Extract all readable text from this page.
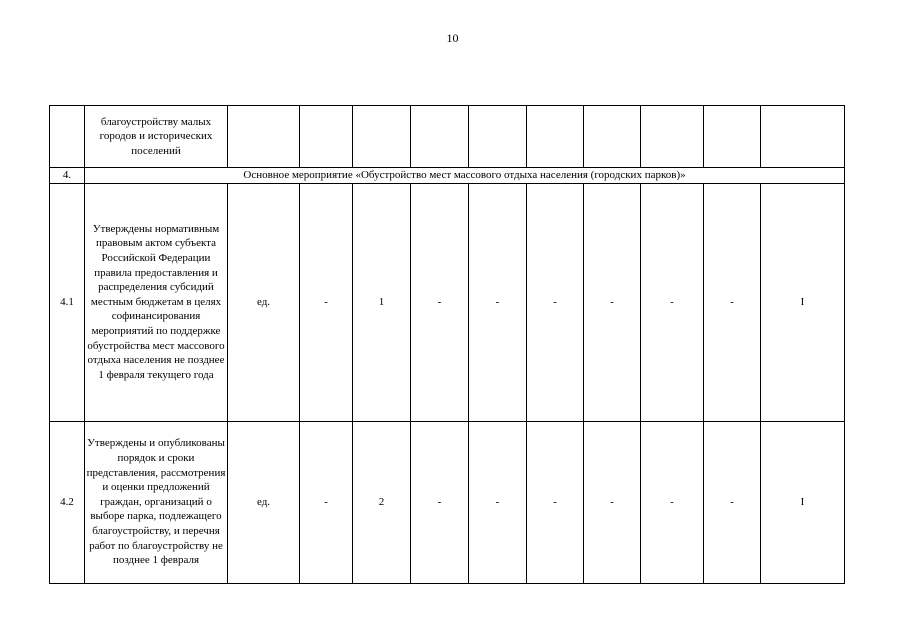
10
	благоустройству малых городов и исторических поселений										
4.	Основное мероприятие «Обустройство мест массового отдыха населения (городских парков)»										
4.1	Утверждены нормативным правовым актом субъекта Российской Федерации правила предоставления и распределения субсидий местным бюджетам в целях софинансирования мероприятий по поддержке обустройства мест массового отдыха населения не позднее 1 февраля текущего года	ед.	-	1	-	-	-	-	-	-	I
4.2	Утверждены и опубликованы порядок и сроки представления, рассмотрения и оценки предложений граждан, организаций о выборе парка, подлежащего благоустройству, и перечня работ по благоустройству не позднее 1 февраля	ед.	-	2	-	-	-	-	-	-	I
